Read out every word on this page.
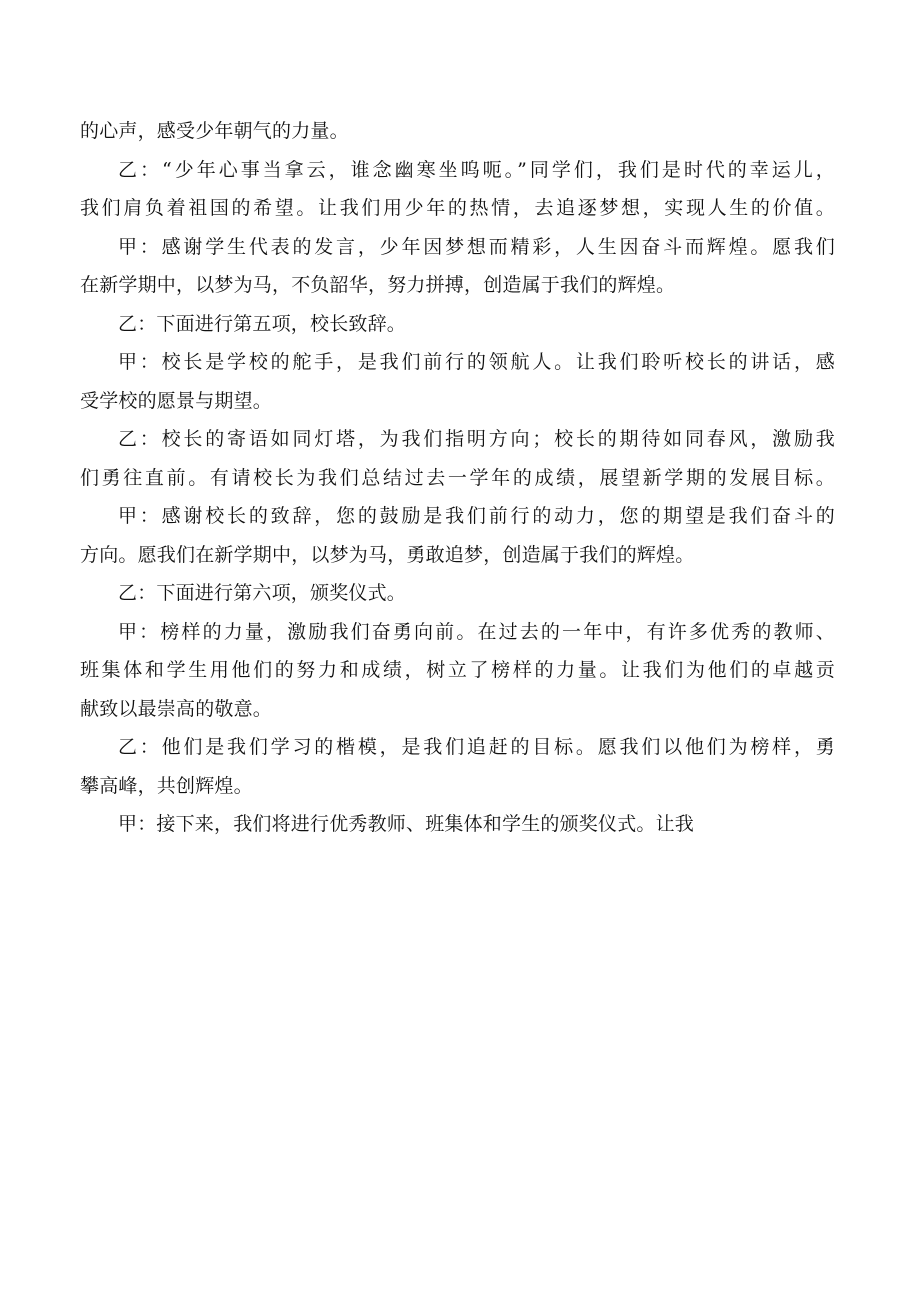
的心声，感受少年朝气的力量。
乙：“少年心事当拿云，谁念幽寒坐呜呃。”同学们，我们是时代的幸运儿，
我们肩负着祖国的希望。让我们用少年的热情，去追逐梦想，实现人生的价值。
甲：感谢学生代表的发言，少年因梦想而精彩，人生因奋斗而辉煌。愿我们
在新学期中，以梦为马，不负韶华，努力拼搏，创造属于我们的辉煌。
乙：下面进行第五项，校长致辞。
甲：校长是学校的舵手，是我们前行的领航人。让我们聆听校长的讲话，感
受学校的愿景与期望。
乙：校长的寄语如同灯塔，为我们指明方向；校长的期待如同春风，激励我
们勇往直前。有请校长为我们总结过去一学年的成绩，展望新学期的发展目标。
甲：感谢校长的致辞，您的鼓励是我们前行的动力，您的期望是我们奋斗的
方向。愿我们在新学期中，以梦为马，勇敢追梦，创造属于我们的辉煌。
乙：下面进行第六项，颁奖仪式。
甲：榜样的力量，激励我们奋勇向前。在过去的一年中，有许多优秀的教师、
班集体和学生用他们的努力和成绩，树立了榜样的力量。让我们为他们的卓越贡
献致以最崇高的敬意。
乙：他们是我们学习的楷模，是我们追赶的目标。愿我们以他们为榜样，勇
攀高峰，共创辉煌。
甲：接下来，我们将进行优秀教师、班集体和学生的颁奖仪式。让我
